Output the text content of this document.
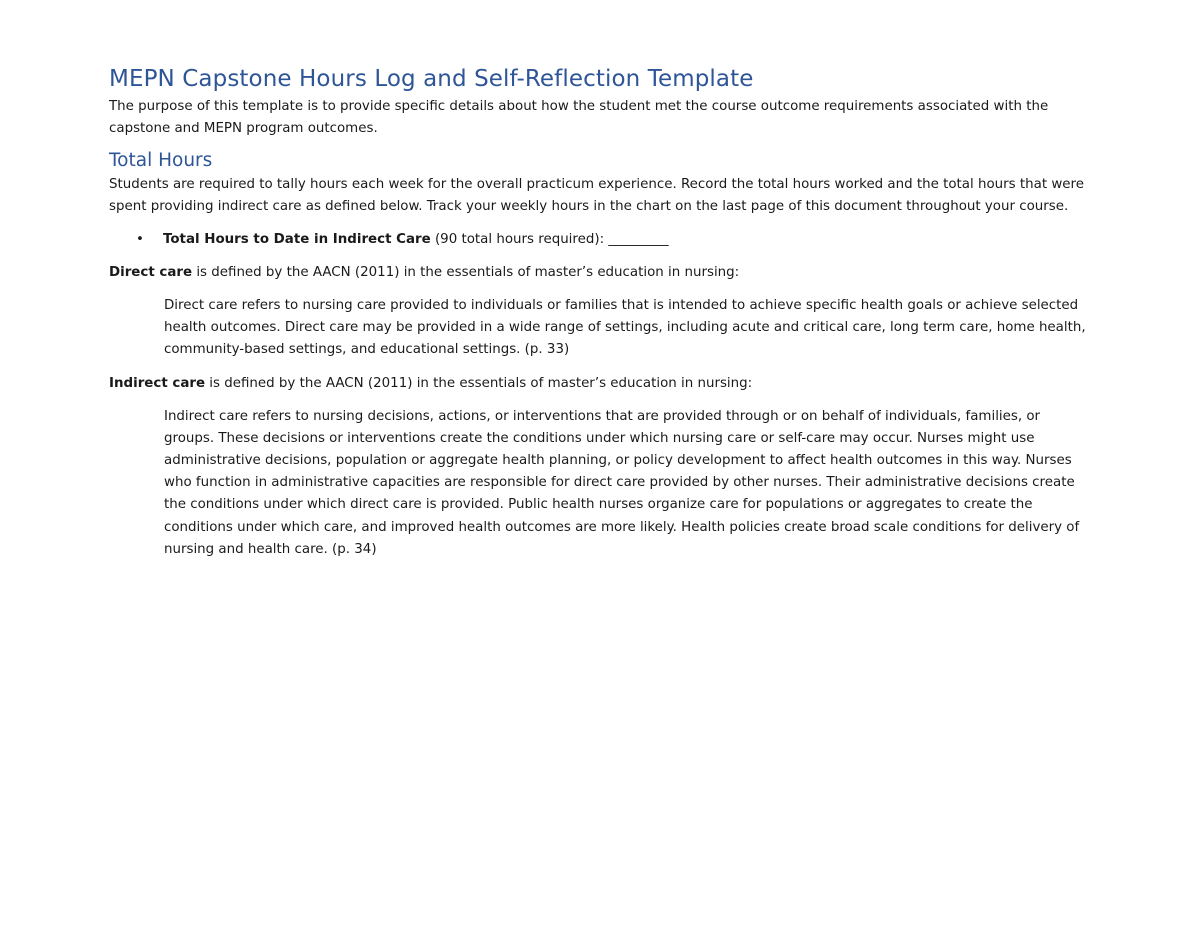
MEPN Capstone Hours Log and Self-Reflection Template

The purpose of this template is to provide specific details about how the student met the course outcome requirements associated with the capstone and MEPN program outcomes.

Total Hours

Students are required to tally hours each week for the overall practicum experience. Record the total hours worked and the total hours that were spent providing indirect care as defined below. Track your weekly hours in the chart on the last page of this document throughout your course.

• Total Hours to Date in Indirect Care (90 total hours required): _________

Direct care is defined by the AACN (2011) in the essentials of master’s education in nursing:

Direct care refers to nursing care provided to individuals or families that is intended to achieve specific health goals or achieve selected health outcomes. Direct care may be provided in a wide range of settings, including acute and critical care, long term care, home health, community-based settings, and educational settings. (p. 33)

Indirect care is defined by the AACN (2011) in the essentials of master’s education in nursing:

Indirect care refers to nursing decisions, actions, or interventions that are provided through or on behalf of individuals, families, or groups. These decisions or interventions create the conditions under which nursing care or self-care may occur. Nurses might use administrative decisions, population or aggregate health planning, or policy development to affect health outcomes in this way. Nurses who function in administrative capacities are responsible for direct care provided by other nurses. Their administrative decisions create the conditions under which direct care is provided. Public health nurses organize care for populations or aggregates to create the conditions under which care, and improved health outcomes are more likely. Health policies create broad scale conditions for delivery of nursing and health care. (p. 34)
